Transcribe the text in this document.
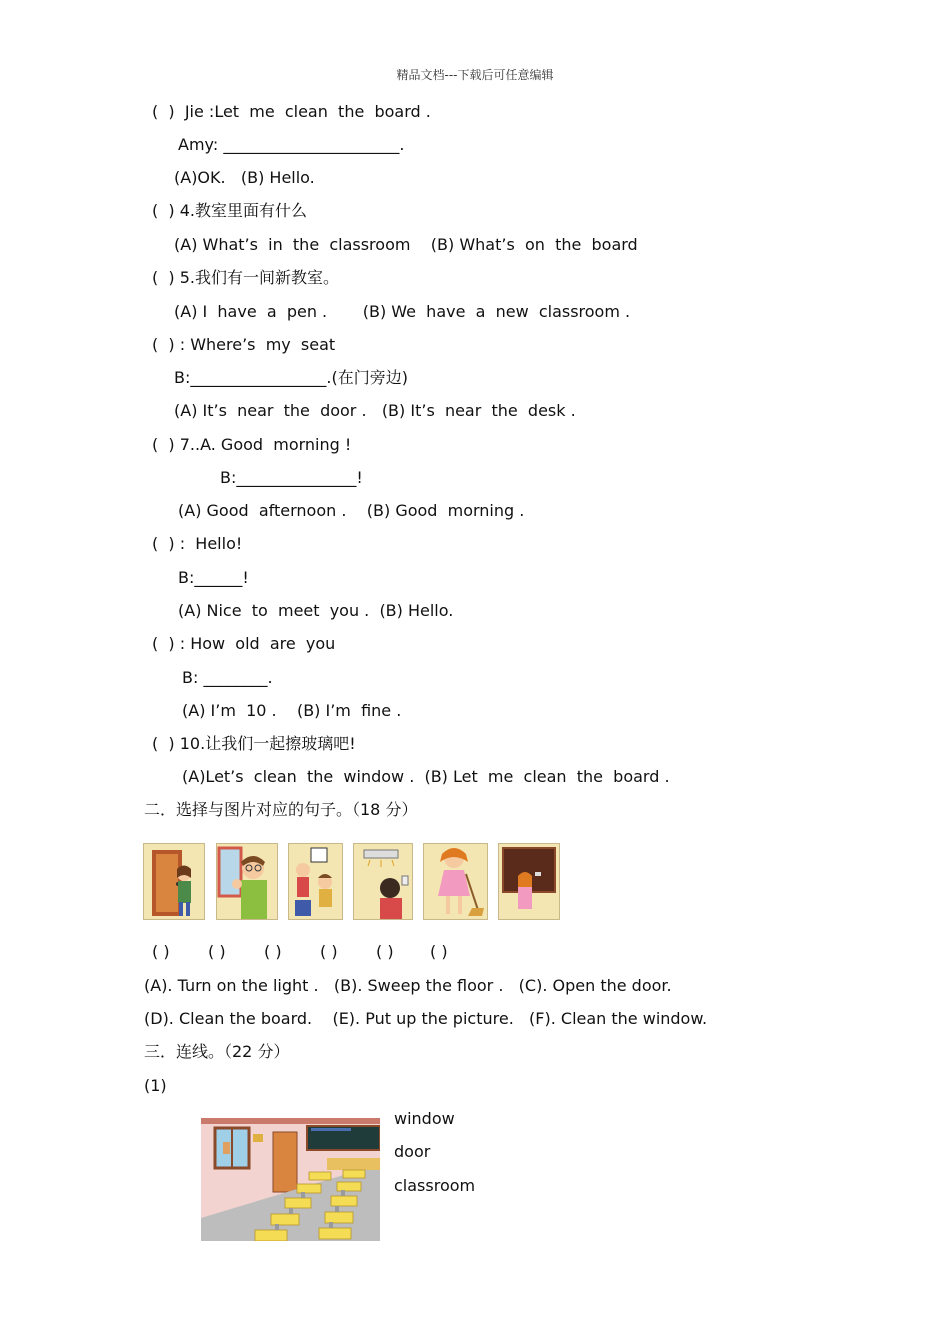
精品文档---下载后可任意编辑
(  )  Jie :Let  me  clean  the  board .
Amy: ______________________.
(A)OK.   (B) Hello.
(  ) 4.教室里面有什么
(A) What’s  in  the  classroom    (B) What’s  on  the  board
(  ) 5.我们有一间新教室。
(A) I  have  a  pen .       (B) We  have  a  new  classroom .
(  ) : Where’s  my  seat
B:_________________.(在门旁边)
(A) It’s  near  the  door .   (B) It’s  near  the  desk .
(  ) 7..A. Good  morning !
B:_______________!
(A) Good  afternoon .    (B) Good  morning .
(  ) :  Hello!
B:______!
(A) Nice  to  meet  you .  (B) Hello.
(  ) : How  old  are  you
B: ________.
(A) I’m  10 .    (B) I’m  fine .
(  ) 10.让我们一起擦玻璃吧!
(A)Let’s  clean  the  window .  (B) Let  me  clean  the  board .
二．选择与图片对应的句子。（18 分）
( ) ( ) ( ) ( ) ( ) ( )
(A). Turn on the light .   (B). Sweep the floor .   (C). Open the door.
(D). Clean the board.    (E). Put up the picture.   (F). Clean the window.
三．连线。（22 分）
(1)
window
door
classroom
